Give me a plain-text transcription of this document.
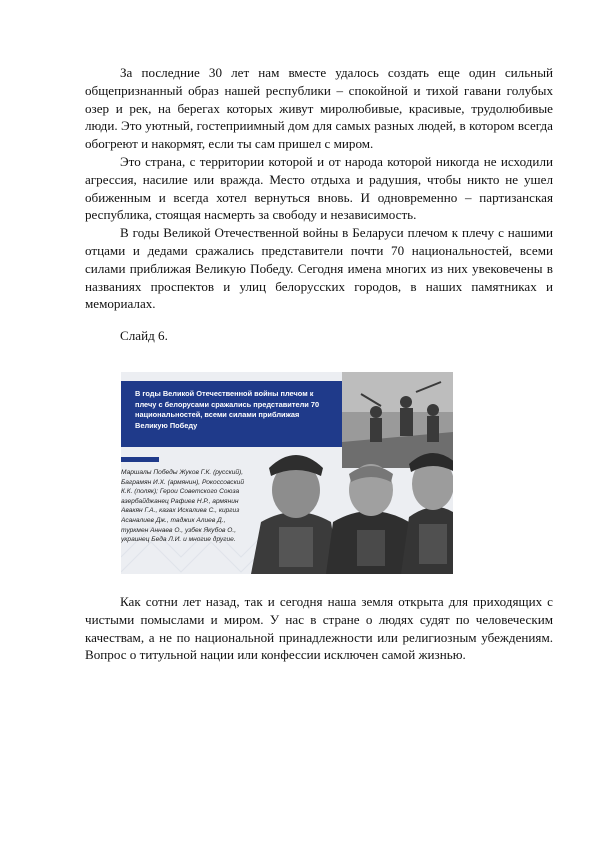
За последние 30 лет нам вместе удалось создать еще один сильный общепризнанный образ нашей республики – спокойной и тихой гавани голубых озер и рек, на берегах которых живут миролюбивые, красивые, трудолюбивые люди. Это уютный, гостеприимный дом для самых разных людей, в котором всегда обогреют и накормят, если ты сам пришел с миром.

Это страна, с территории которой и от народа которой никогда не исходили агрессия, насилие или вражда. Место отдыха и радушия, чтобы никто не ушел обиженным и всегда хотел вернуться вновь. И одновременно – партизанская республика, стоящая насмерть за свободу и независимость.

В годы Великой Отечественной войны в Беларуси плечом к плечу с нашими отцами и дедами сражались представители почти 70 национальностей, всеми силами приближая Великую Победу. Сегодня имена многих из них увековечены в названиях проспектов и улиц белорусских городов, в наших памятниках и мемориалах.

Слайд 6.

В годы Великой Отечественной войны плечом к плечу с белорусами сражались представители 70 национальностей, всеми силами приближая Великую Победу
Маршалы Победы Жуков Г.К. (русский), Баграмян И.Х. (армянин), Рокоссовский К.К. (поляк); Герои Советского Союза азербайджанец Рафиев Н.Р., армянин Авакян Г.А., казах Искалиев С., киргиз Асаналиев Дж., таджик Алиев Д., туркмен Аннаев О., узбек Якубов О., украинец Бедa Л.И. и многие другие.

Как сотни лет назад, так и сегодня наша земля открыта для приходящих с чистыми помыслами и миром. У нас в стране о людях судят по человеческим качествам, а не по национальной принадлежности или религиозным убеждениям. Вопрос о титульной нации или конфессии исключен самой жизнью.
